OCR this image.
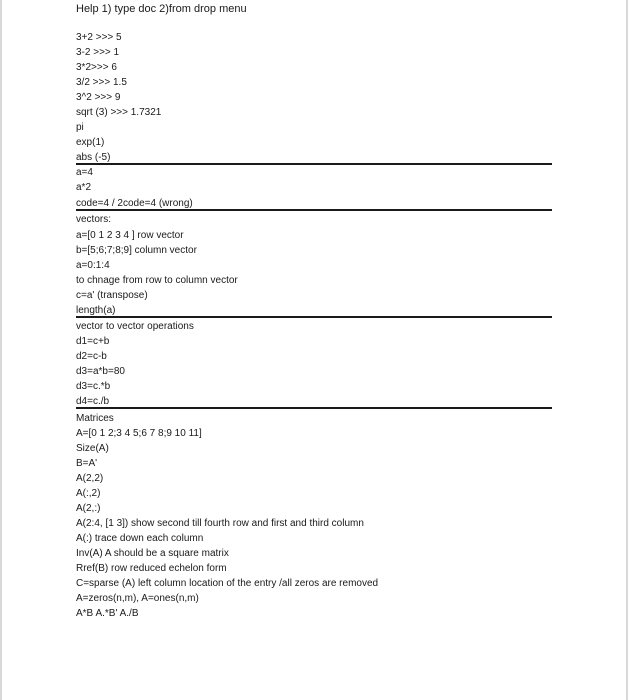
Help 1) type doc 2)from drop menu
3+2 >>> 5
3-2 >>> 1
3*2>>> 6
3/2 >>> 1.5
3^2 >>> 9
sqrt (3) >>> 1.7321
pi
exp(1)
abs (-5)
a=4
a*2
code=4 / 2code=4 (wrong)
vectors:
a=[0 1 2 3 4 ] row vector
b=[5;6;7;8;9] column vector
a=0:1:4
to chnage from row to column vector
c=a' (transpose)
length(a)
vector to vector operations
d1=c+b
d2=c-b
d3=a*b=80
d3=c.*b
d4=c./b
Matrices
A=[0 1 2;3 4 5;6 7 8;9 10 11]
Size(A)
B=A'
A(2,2)
A(:,2)
A(2,:)
A(2:4, [1 3]) show second till fourth row and first and third column
A(:) trace down each column
Inv(A) A should be a square matrix
Rref(B) row reduced echelon form
C=sparse (A) left column location of the entry /all zeros are removed
A=zeros(n,m), A=ones(n,m)
A*B A.*B' A./B
